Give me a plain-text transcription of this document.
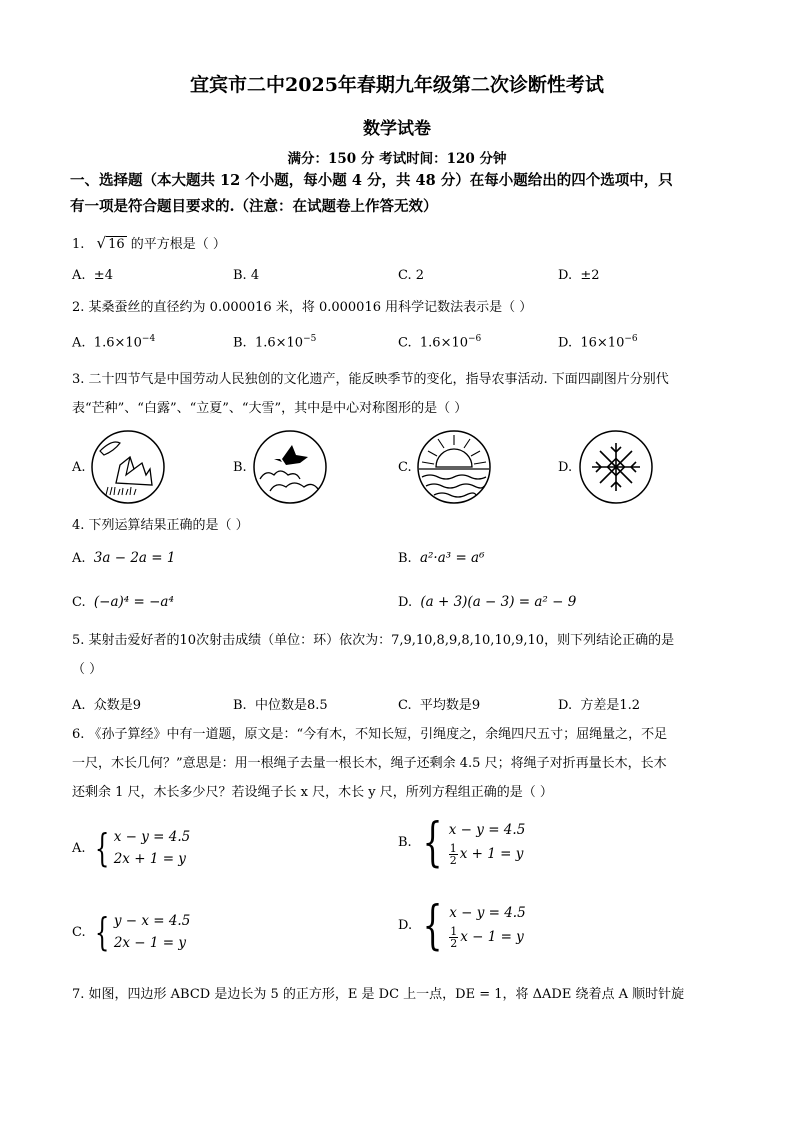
宜宾市二中2025年春期九年级第二次诊断性考试
数学试卷
满分：150 分 考试时间：120 分钟
一、选择题（本大题共 12 个小题，每小题 4 分，共 48 分）在每小题给出的四个选项中，只
有一项是符合题目要求的.（注意：在试题卷上作答无效）
1. √ 16 的平方根是（ ）
A. ±4	B. 4	C. 2	D. ±2
2. 某桑蚕丝的直径约为 0.000016 米，将 0.000016 用科学记数法表示是（ ）
A. $1.6\times 10^{-4}$	B. $1.6\times 10^{-5}$	C. $1.6\times 10^{-6}$	D. $16\times 10^{-6}$
3. 二十四节气是中国劳动人民独创的文化遗产，能反映季节的变化，指导农事活动. 下面四副图片分别代
表“芒种”、“白露”、“立夏”、“大雪”，其中是中心对称图形的是（ ）
A.	B.	C.	D.
4. 下列运算结果正确的是（ ）
A. 3a − 2a = 1	B. a²·a³ = a⁶
C. (−a)⁴ = −a⁴	D. (a + 3)(a − 3) = a² − 9
5. 某射击爱好者的10次射击成绩（单位：环）依次为：7,9,10,8,9,8,10,10,9,10，则下列结论正确的是
（ ）
A. 众数是9	B. 中位数是8.5	C. 平均数是9	D. 方差是1.2
6. 《孙子算经》中有一道题，原文是：“今有木，不知长短，引绳度之，余绳四尺五寸；屈绳量之，不足
一尺，木长几何？”意思是：用一根绳子去量一根长木，绳子还剩余 4.5 尺；将绳子对折再量长木，长木
还剩余 1 尺，木长多少尺？若设绳子长 x 尺，木长 y 尺，所列方程组正确的是（ ）
A. { x − y = 4.5
2x + 1 = y
B. { x − y = 4.5
$\frac{1}{2}$ x + 1 = y
C. { y − x = 4.5
2x − 1 = y
D. { x − y = 4.5
$\frac{1}{2}$ x − 1 = y
7. 如图，四边形 ABCD 是边长为 5 的正方形，E 是 DC 上一点，DE = 1，将 ΔADE 绕着点 A 顺时针旋
